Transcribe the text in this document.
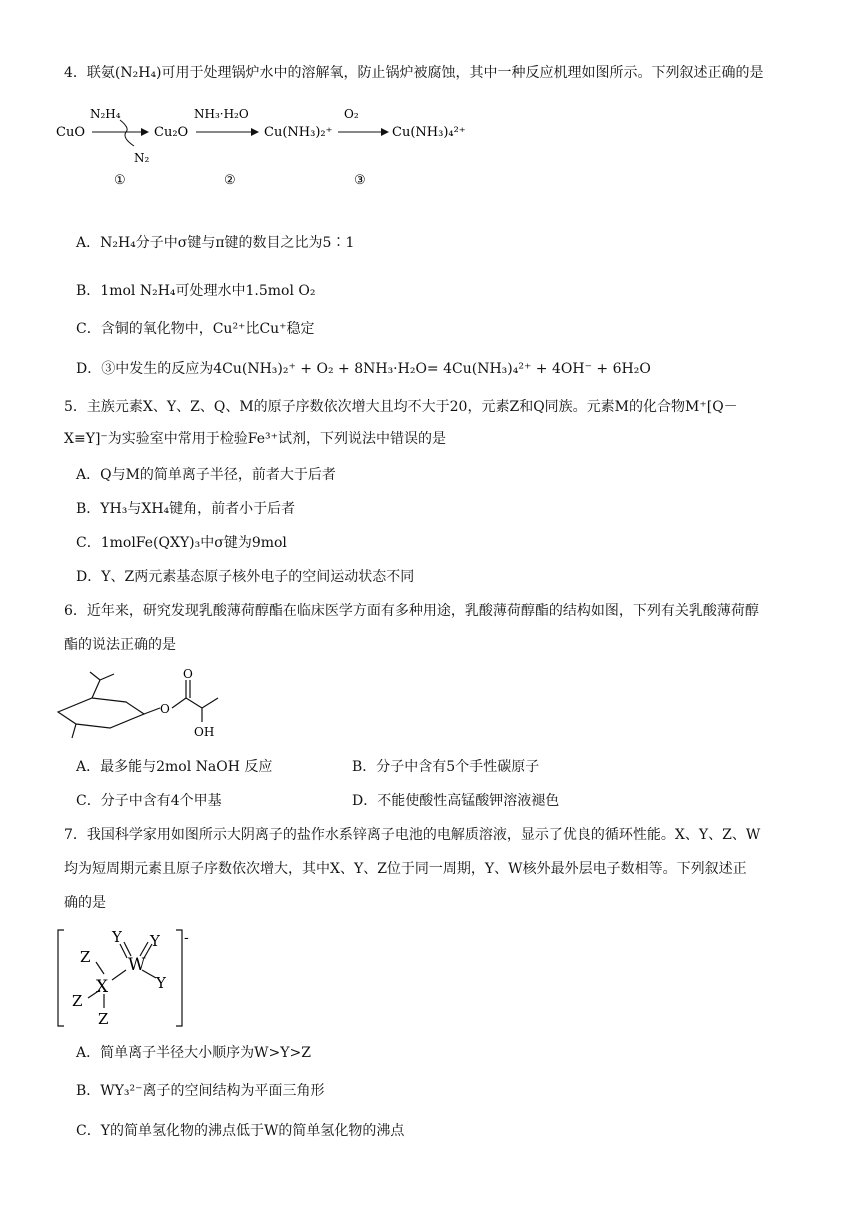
4．联氨(N₂H₄)可用于处理锅炉水中的溶解氧，防止锅炉被腐蚀，其中一种反应机理如图所示。下列叙述正确的是

CuO
N₂H₄
N₂
Cu₂O
NH₃·H₂O
Cu(NH₃)₂⁺
O₂
Cu(NH₃)₄²⁺
①	②	③
A．N₂H₄分子中σ键与π键的数目之比为5∶1
B．1mol N₂H₄可处理水中1.5mol O₂
C．含铜的氧化物中，Cu²⁺比Cu⁺稳定
D．③中发生的反应为4Cu(NH₃)₂⁺ + O₂ + 8NH₃·H₂O= 4Cu(NH₃)₄²⁺ + 4OH⁻ + 6H₂O

5．主族元素X、Y、Z、Q、M的原子序数依次增大且均不大于20，元素Z和Q同族。元素M的化合物M⁺[Q－

X≡Y]⁻为实验室中常用于检验Fe³⁺试剂，下列说法中错误的是

A．Q与M的简单离子半径，前者大于后者
B．YH₃与XH₄键角，前者小于后者
C．1molFe(QXY)₃中σ键为9mol
D．Y、Z两元素基态原子核外电子的空间运动状态不同

6．近年来，研究发现乳酸薄荷醇酯在临床医学方面有多种用途，乳酸薄荷醇酯的结构如图，下列有关乳酸薄荷醇

酯的说法正确的是

O
O
OH
A．最多能与2mol NaOH 反应	B．分子中含有5个手性碳原子
C．分子中含有4个甲基	D．不能使酸性高锰酸钾溶液褪色

7．我国科学家用如图所示大阴离子的盐作水系锌离子电池的电解质溶液，显示了优良的循环性能。X、Y、Z、W

均为短周期元素且原子序数依次增大，其中X、Y、Z位于同一周期，Y、W核外最外层电子数相等。下列叙述正

确的是

-
W
X
Y Y
Y
Z
Z
Z
A．简单离子半径大小顺序为W>Y>Z
B．WY₃²⁻离子的空间结构为平面三角形
C．Y的简单氢化物的沸点低于W的简单氢化物的沸点
